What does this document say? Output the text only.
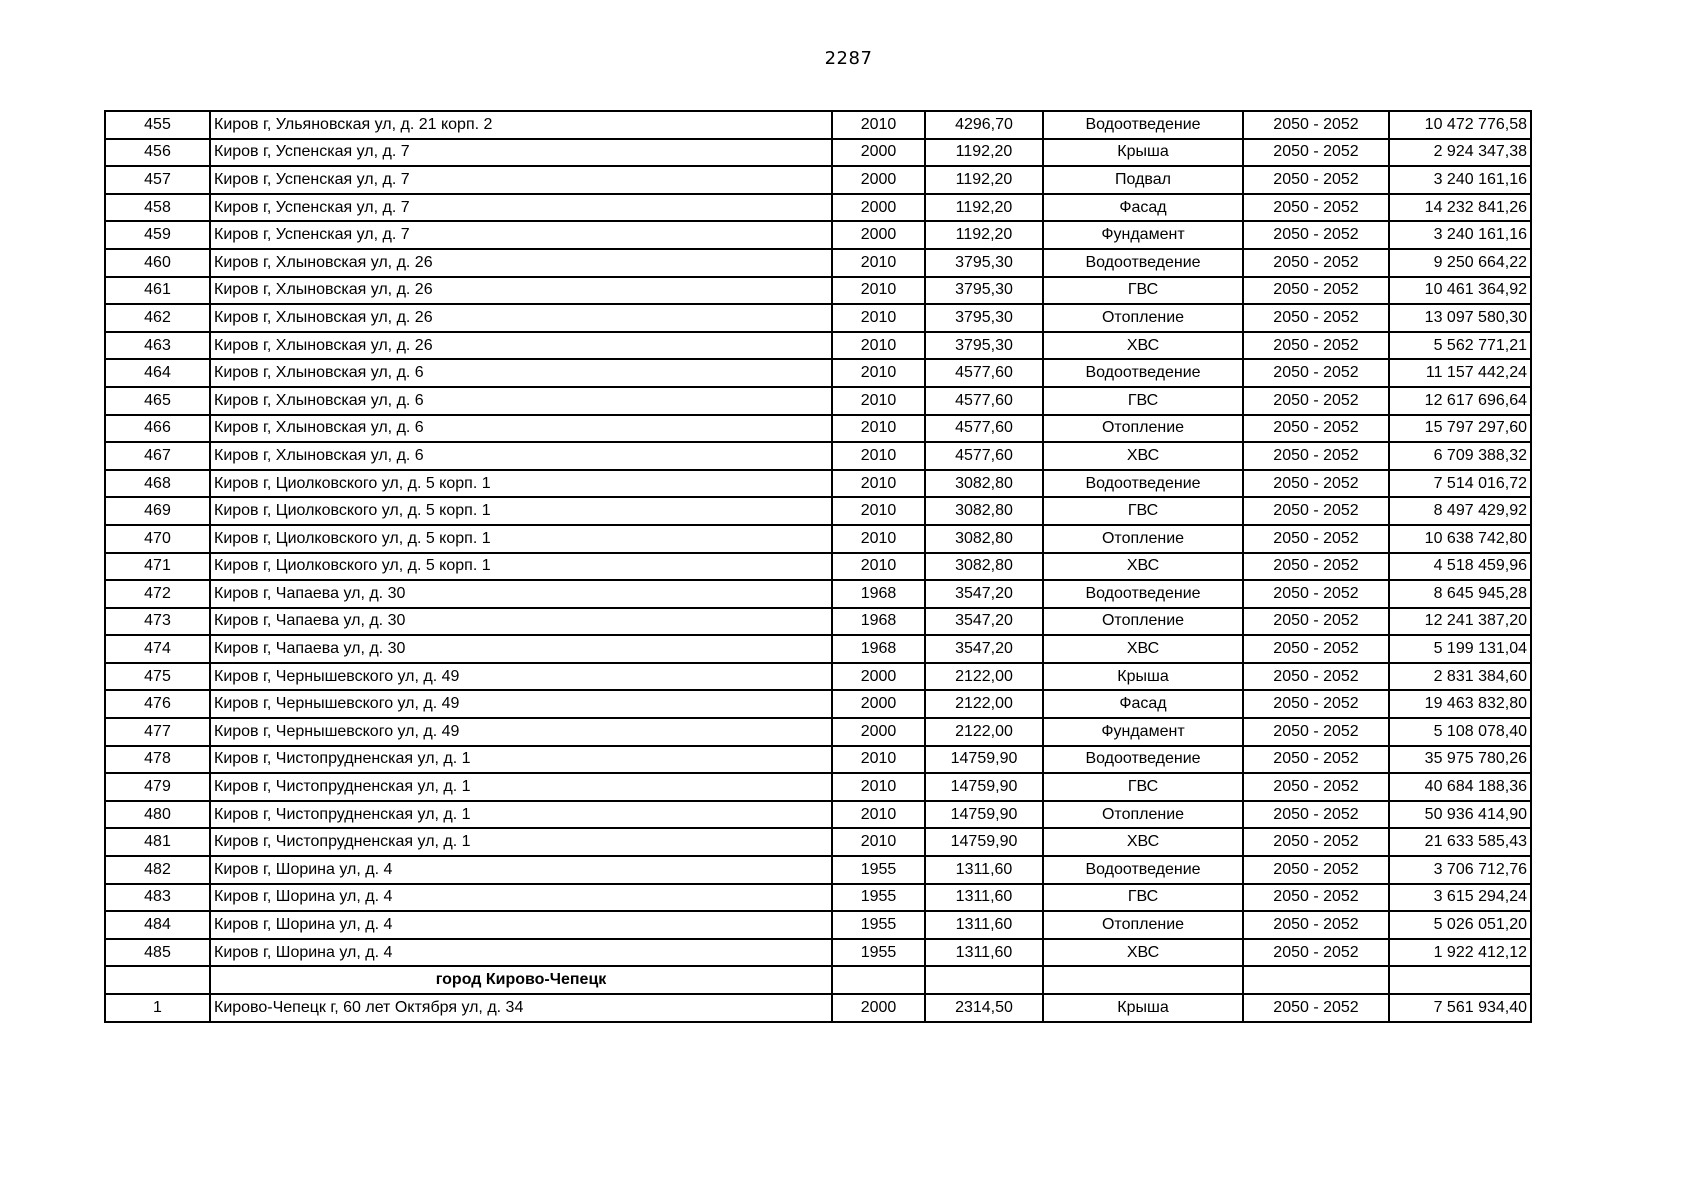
2287
455	Киров г, Ульяновская ул, д. 21 корп. 2	2010	4296,70	Водоотведение	2050 - 2052	10 472 776,58
456	Киров г, Успенская ул, д. 7	2000	1192,20	Крыша	2050 - 2052	2 924 347,38
457	Киров г, Успенская ул, д. 7	2000	1192,20	Подвал	2050 - 2052	3 240 161,16
458	Киров г, Успенская ул, д. 7	2000	1192,20	Фасад	2050 - 2052	14 232 841,26
459	Киров г, Успенская ул, д. 7	2000	1192,20	Фундамент	2050 - 2052	3 240 161,16
460	Киров г, Хлыновская ул, д. 26	2010	3795,30	Водоотведение	2050 - 2052	9 250 664,22
461	Киров г, Хлыновская ул, д. 26	2010	3795,30	ГВС	2050 - 2052	10 461 364,92
462	Киров г, Хлыновская ул, д. 26	2010	3795,30	Отопление	2050 - 2052	13 097 580,30
463	Киров г, Хлыновская ул, д. 26	2010	3795,30	ХВС	2050 - 2052	5 562 771,21
464	Киров г, Хлыновская ул, д. 6	2010	4577,60	Водоотведение	2050 - 2052	11 157 442,24
465	Киров г, Хлыновская ул, д. 6	2010	4577,60	ГВС	2050 - 2052	12 617 696,64
466	Киров г, Хлыновская ул, д. 6	2010	4577,60	Отопление	2050 - 2052	15 797 297,60
467	Киров г, Хлыновская ул, д. 6	2010	4577,60	ХВС	2050 - 2052	6 709 388,32
468	Киров г, Циолковского ул, д. 5 корп. 1	2010	3082,80	Водоотведение	2050 - 2052	7 514 016,72
469	Киров г, Циолковского ул, д. 5 корп. 1	2010	3082,80	ГВС	2050 - 2052	8 497 429,92
470	Киров г, Циолковского ул, д. 5 корп. 1	2010	3082,80	Отопление	2050 - 2052	10 638 742,80
471	Киров г, Циолковского ул, д. 5 корп. 1	2010	3082,80	ХВС	2050 - 2052	4 518 459,96
472	Киров г, Чапаева ул, д. 30	1968	3547,20	Водоотведение	2050 - 2052	8 645 945,28
473	Киров г, Чапаева ул, д. 30	1968	3547,20	Отопление	2050 - 2052	12 241 387,20
474	Киров г, Чапаева ул, д. 30	1968	3547,20	ХВС	2050 - 2052	5 199 131,04
475	Киров г, Чернышевского ул, д. 49	2000	2122,00	Крыша	2050 - 2052	2 831 384,60
476	Киров г, Чернышевского ул, д. 49	2000	2122,00	Фасад	2050 - 2052	19 463 832,80
477	Киров г, Чернышевского ул, д. 49	2000	2122,00	Фундамент	2050 - 2052	5 108 078,40
478	Киров г, Чистопрудненская ул, д. 1	2010	14759,90	Водоотведение	2050 - 2052	35 975 780,26
479	Киров г, Чистопрудненская ул, д. 1	2010	14759,90	ГВС	2050 - 2052	40 684 188,36
480	Киров г, Чистопрудненская ул, д. 1	2010	14759,90	Отопление	2050 - 2052	50 936 414,90
481	Киров г, Чистопрудненская ул, д. 1	2010	14759,90	ХВС	2050 - 2052	21 633 585,43
482	Киров г, Шорина ул, д. 4	1955	1311,60	Водоотведение	2050 - 2052	3 706 712,76
483	Киров г, Шорина ул, д. 4	1955	1311,60	ГВС	2050 - 2052	3 615 294,24
484	Киров г, Шорина ул, д. 4	1955	1311,60	Отопление	2050 - 2052	5 026 051,20
485	Киров г, Шорина ул, д. 4	1955	1311,60	ХВС	2050 - 2052	1 922 412,12
	город Кирово-Чепецк					
1	Кирово-Чепецк г, 60 лет Октября ул, д. 34	2000	2314,50	Крыша	2050 - 2052	7 561 934,40
